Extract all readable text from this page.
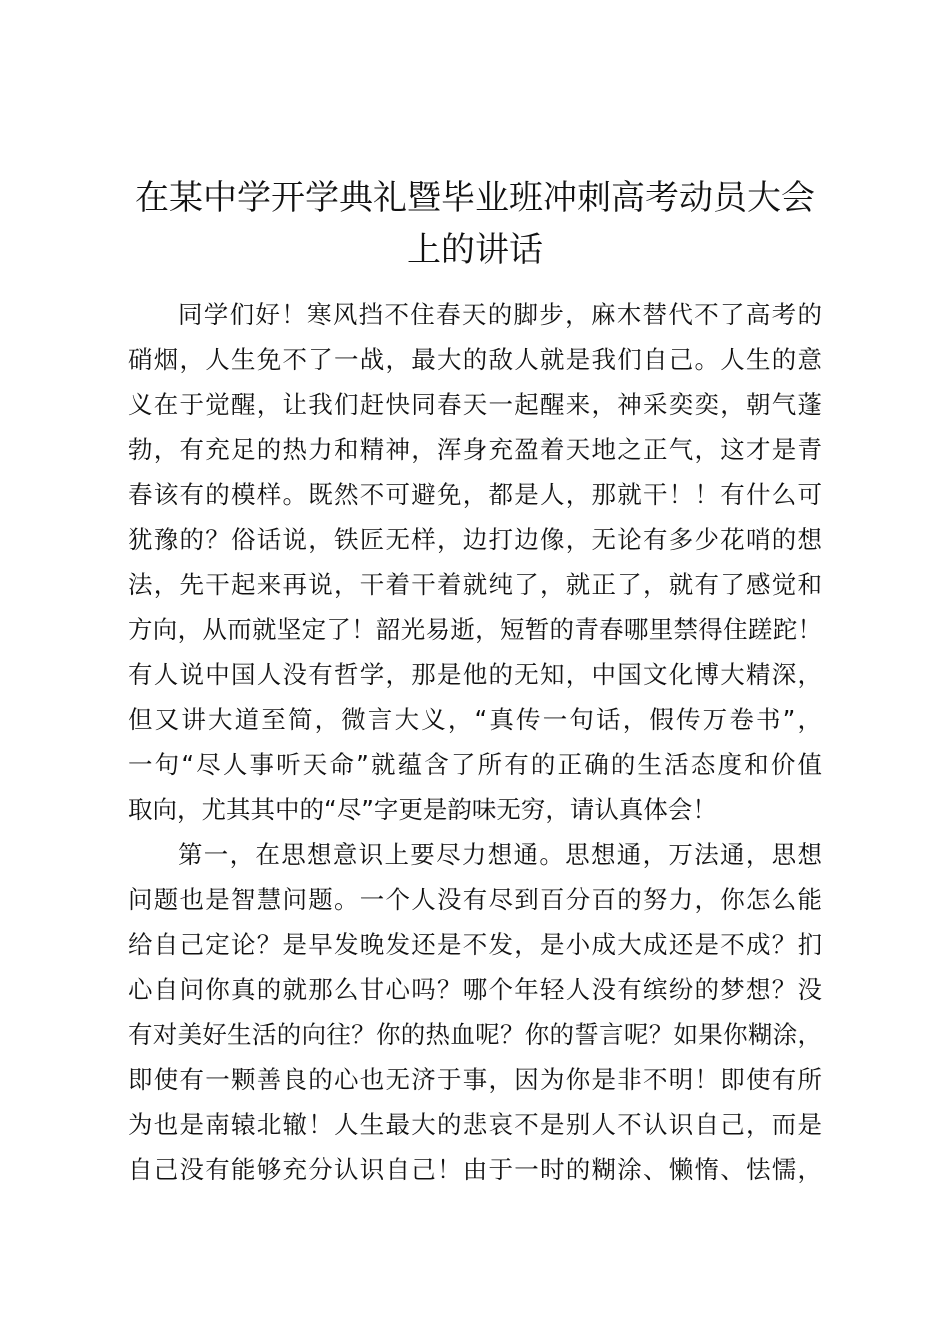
在某中学开学典礼暨毕业班冲刺高考动员大会
上的讲话
同学们好！寒风挡不住春天的脚步，麻木替代不了高考的
硝烟，人生免不了一战，最大的敌人就是我们自己。人生的意
义在于觉醒，让我们赶快同春天一起醒来，神采奕奕，朝气蓬
勃，有充足的热力和精神，浑身充盈着天地之正气，这才是青
春该有的模样。既然不可避免，都是人，那就干！！有什么可
犹豫的？俗话说，铁匠无样，边打边像，无论有多少花哨的想
法，先干起来再说，干着干着就纯了，就正了，就有了感觉和
方向，从而就坚定了！韶光易逝，短暂的青春哪里禁得住蹉跎！
有人说中国人没有哲学，那是他的无知，中国文化博大精深，
但又讲大道至简，微言大义，“真传一句话，假传万卷书”，
一句“尽人事听天命”就蕴含了所有的正确的生活态度和价值
取向，尤其其中的“尽”字更是韵味无穷，请认真体会！
第一，在思想意识上要尽力想通。思想通，万法通，思想
问题也是智慧问题。一个人没有尽到百分百的努力，你怎么能
给自己定论？是早发晚发还是不发，是小成大成还是不成？扪
心自问你真的就那么甘心吗？哪个年轻人没有缤纷的梦想？没
有对美好生活的向往？你的热血呢？你的誓言呢？如果你糊涂，
即使有一颗善良的心也无济于事，因为你是非不明！即使有所
为也是南辕北辙！人生最大的悲哀不是别人不认识自己，而是
自己没有能够充分认识自己！由于一时的糊涂、懒惰、怯懦，
